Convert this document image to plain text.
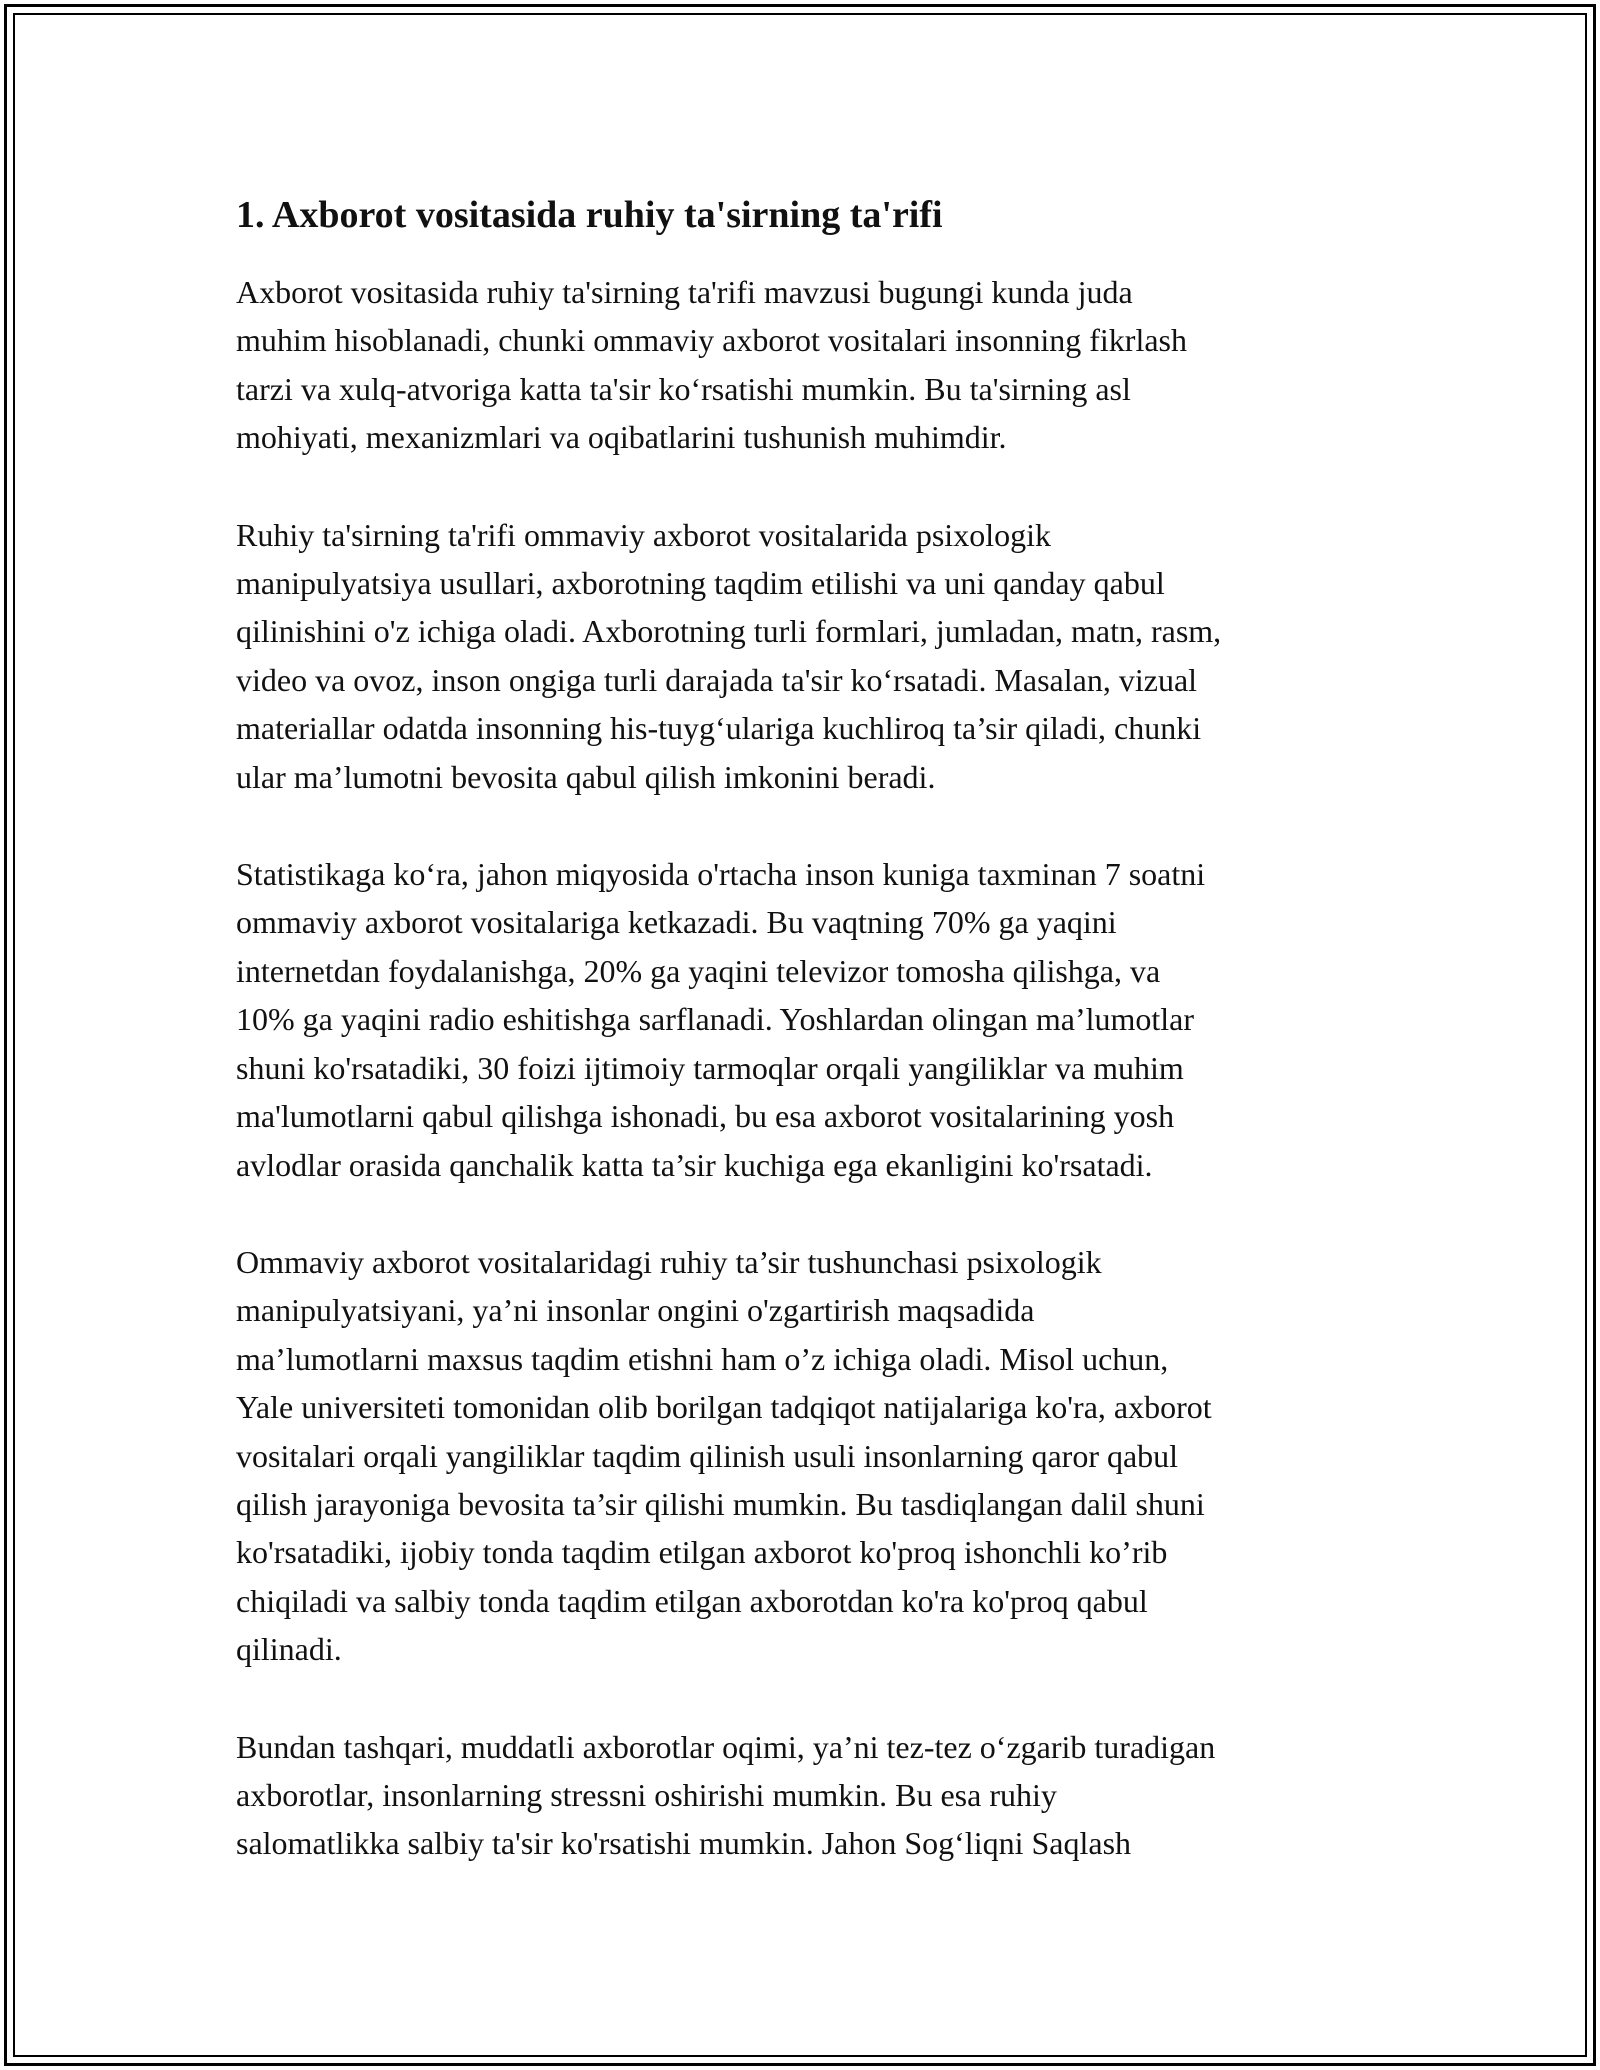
1. Axborot vositasida ruhiy ta'sirning ta'rifi

Axborot vositasida ruhiy ta'sirning ta'rifi mavzusi bugungi kunda juda
muhim hisoblanadi, chunki ommaviy axborot vositalari insonning fikrlash
tarzi va xulq-atvoriga katta ta'sir ko‘rsatishi mumkin. Bu ta'sirning asl
mohiyati, mexanizmlari va oqibatlarini tushunish muhimdir.

Ruhiy ta'sirning ta'rifi ommaviy axborot vositalarida psixologik
manipulyatsiya usullari, axborotning taqdim etilishi va uni qanday qabul
qilinishini o'z ichiga oladi. Axborotning turli formlari, jumladan, matn, rasm,
video va ovoz, inson ongiga turli darajada ta'sir ko‘rsatadi. Masalan, vizual
materiallar odatda insonning his-tuyg‘ulariga kuchliroq ta’sir qiladi, chunki
ular ma’lumotni bevosita qabul qilish imkonini beradi.

Statistikaga ko‘ra, jahon miqyosida o'rtacha inson kuniga taxminan 7 soatni
ommaviy axborot vositalariga ketkazadi. Bu vaqtning 70% ga yaqini
internetdan foydalanishga, 20% ga yaqini televizor tomosha qilishga, va
10% ga yaqini radio eshitishga sarflanadi. Yoshlardan olingan ma’lumotlar
shuni ko'rsatadiki, 30 foizi ijtimoiy tarmoqlar orqali yangiliklar va muhim
ma'lumotlarni qabul qilishga ishonadi, bu esa axborot vositalarining yosh
avlodlar orasida qanchalik katta ta’sir kuchiga ega ekanligini ko'rsatadi.

Ommaviy axborot vositalaridagi ruhiy ta’sir tushunchasi psixologik
manipulyatsiyani, ya’ni insonlar ongini o'zgartirish maqsadida
ma’lumotlarni maxsus taqdim etishni ham o’z ichiga oladi. Misol uchun,
Yale universiteti tomonidan olib borilgan tadqiqot natijalariga ko'ra, axborot
vositalari orqali yangiliklar taqdim qilinish usuli insonlarning qaror qabul
qilish jarayoniga bevosita ta’sir qilishi mumkin. Bu tasdiqlangan dalil shuni
ko'rsatadiki, ijobiy tonda taqdim etilgan axborot ko'proq ishonchli ko’rib
chiqiladi va salbiy tonda taqdim etilgan axborotdan ko'ra ko'proq qabul
qilinadi.

Bundan tashqari, muddatli axborotlar oqimi, ya’ni tez-tez o‘zgarib turadigan
axborotlar, insonlarning stressni oshirishi mumkin. Bu esa ruhiy
salomatlikka salbiy ta'sir ko'rsatishi mumkin. Jahon Sog‘liqni Saqlash
